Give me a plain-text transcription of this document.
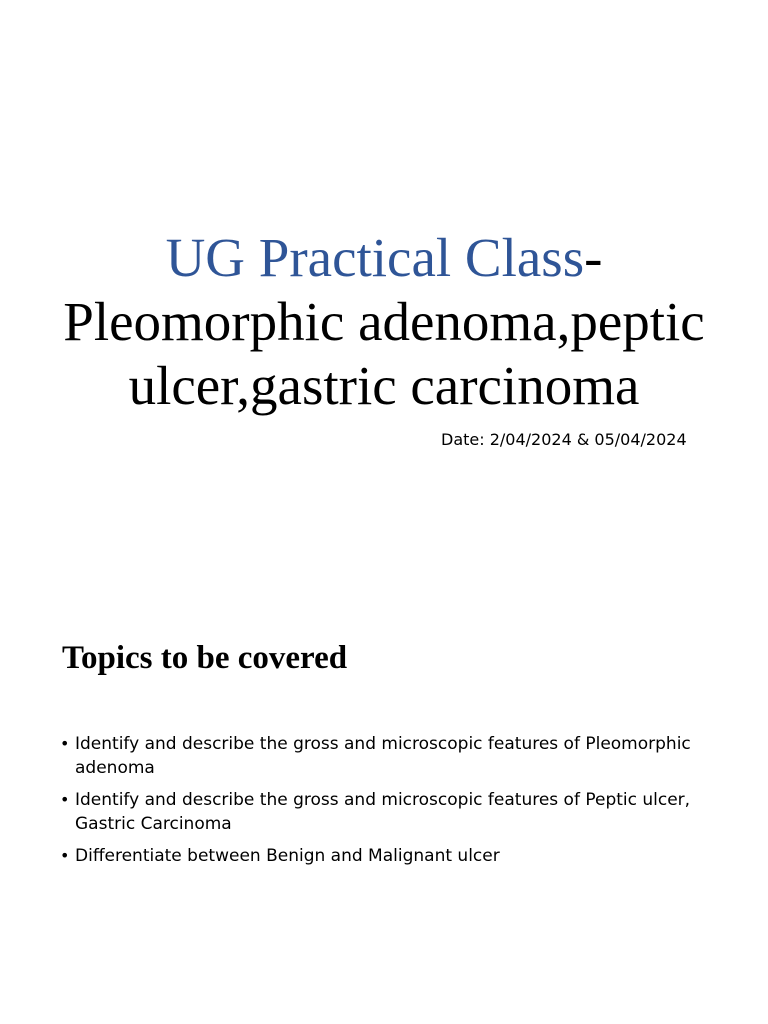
UG Practical Class-
Pleomorphic adenoma,peptic
ulcer,gastric carcinoma
Date: 2/04/2024 & 05/04/2024
Topics to be covered
• Identify and describe the gross and microscopic features of Pleomorphic adenoma
• Identify and describe the gross and microscopic features of Peptic ulcer, Gastric Carcinoma
• Differentiate between Benign and Malignant ulcer
